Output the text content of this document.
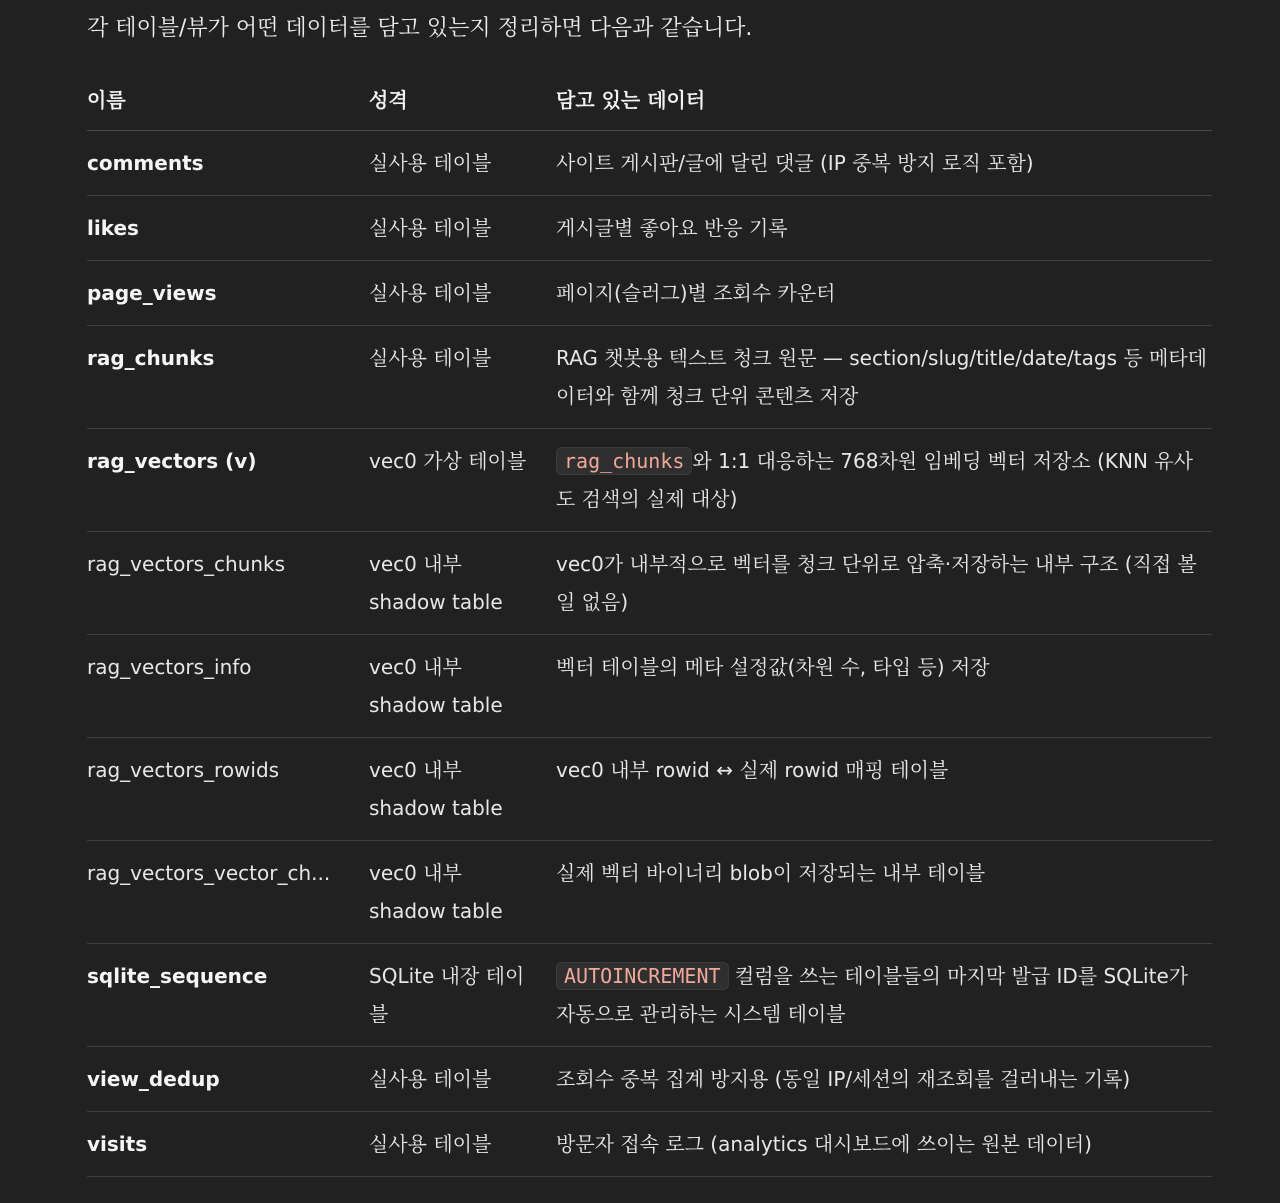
각 테이블/뷰가 어떤 데이터를 담고 있는지 정리하면 다음과 같습니다.

이름	성격	담고 있는 데이터
comments	실사용 테이블	사이트 게시판/글에 달린 댓글 (IP 중복 방지 로직 포함)
likes	실사용 테이블	게시글별 좋아요 반응 기록
page_views	실사용 테이블	페이지(슬러그)별 조회수 카운터
rag_chunks	실사용 테이블	RAG 챗봇용 텍스트 청크 원문 — section/slug/title/date/tags 등 메타데이터와 함께 청크 단위 콘텐츠 저장
rag_vectors (v)	vec0 가상 테이블	rag_chunks 와 1:1 대응하는 768차원 임베딩 벡터 저장소 (KNN 유사도 검색의 실제 대상)
rag_vectors_chunks	vec0 내부 shadow table	vec0가 내부적으로 벡터를 청크 단위로 압축·저장하는 내부 구조 (직접 볼 일 없음)
rag_vectors_info	vec0 내부 shadow table	벡터 테이블의 메타 설정값(차원 수, 타입 등) 저장
rag_vectors_rowids	vec0 내부 shadow table	vec0 내부 rowid ↔ 실제 rowid 매핑 테이블
rag_vectors_vector_ch...	vec0 내부 shadow table	실제 벡터 바이너리 blob이 저장되는 내부 테이블
sqlite_sequence	SQLite 내장 테이블	AUTOINCREMENT 컬럼을 쓰는 테이블들의 마지막 발급 ID를 SQLite가 자동으로 관리하는 시스템 테이블
view_dedup	실사용 테이블	조회수 중복 집계 방지용 (동일 IP/세션의 재조회를 걸러내는 기록)
visits	실사용 테이블	방문자 접속 로그 (analytics 대시보드에 쓰이는 원본 데이터)
